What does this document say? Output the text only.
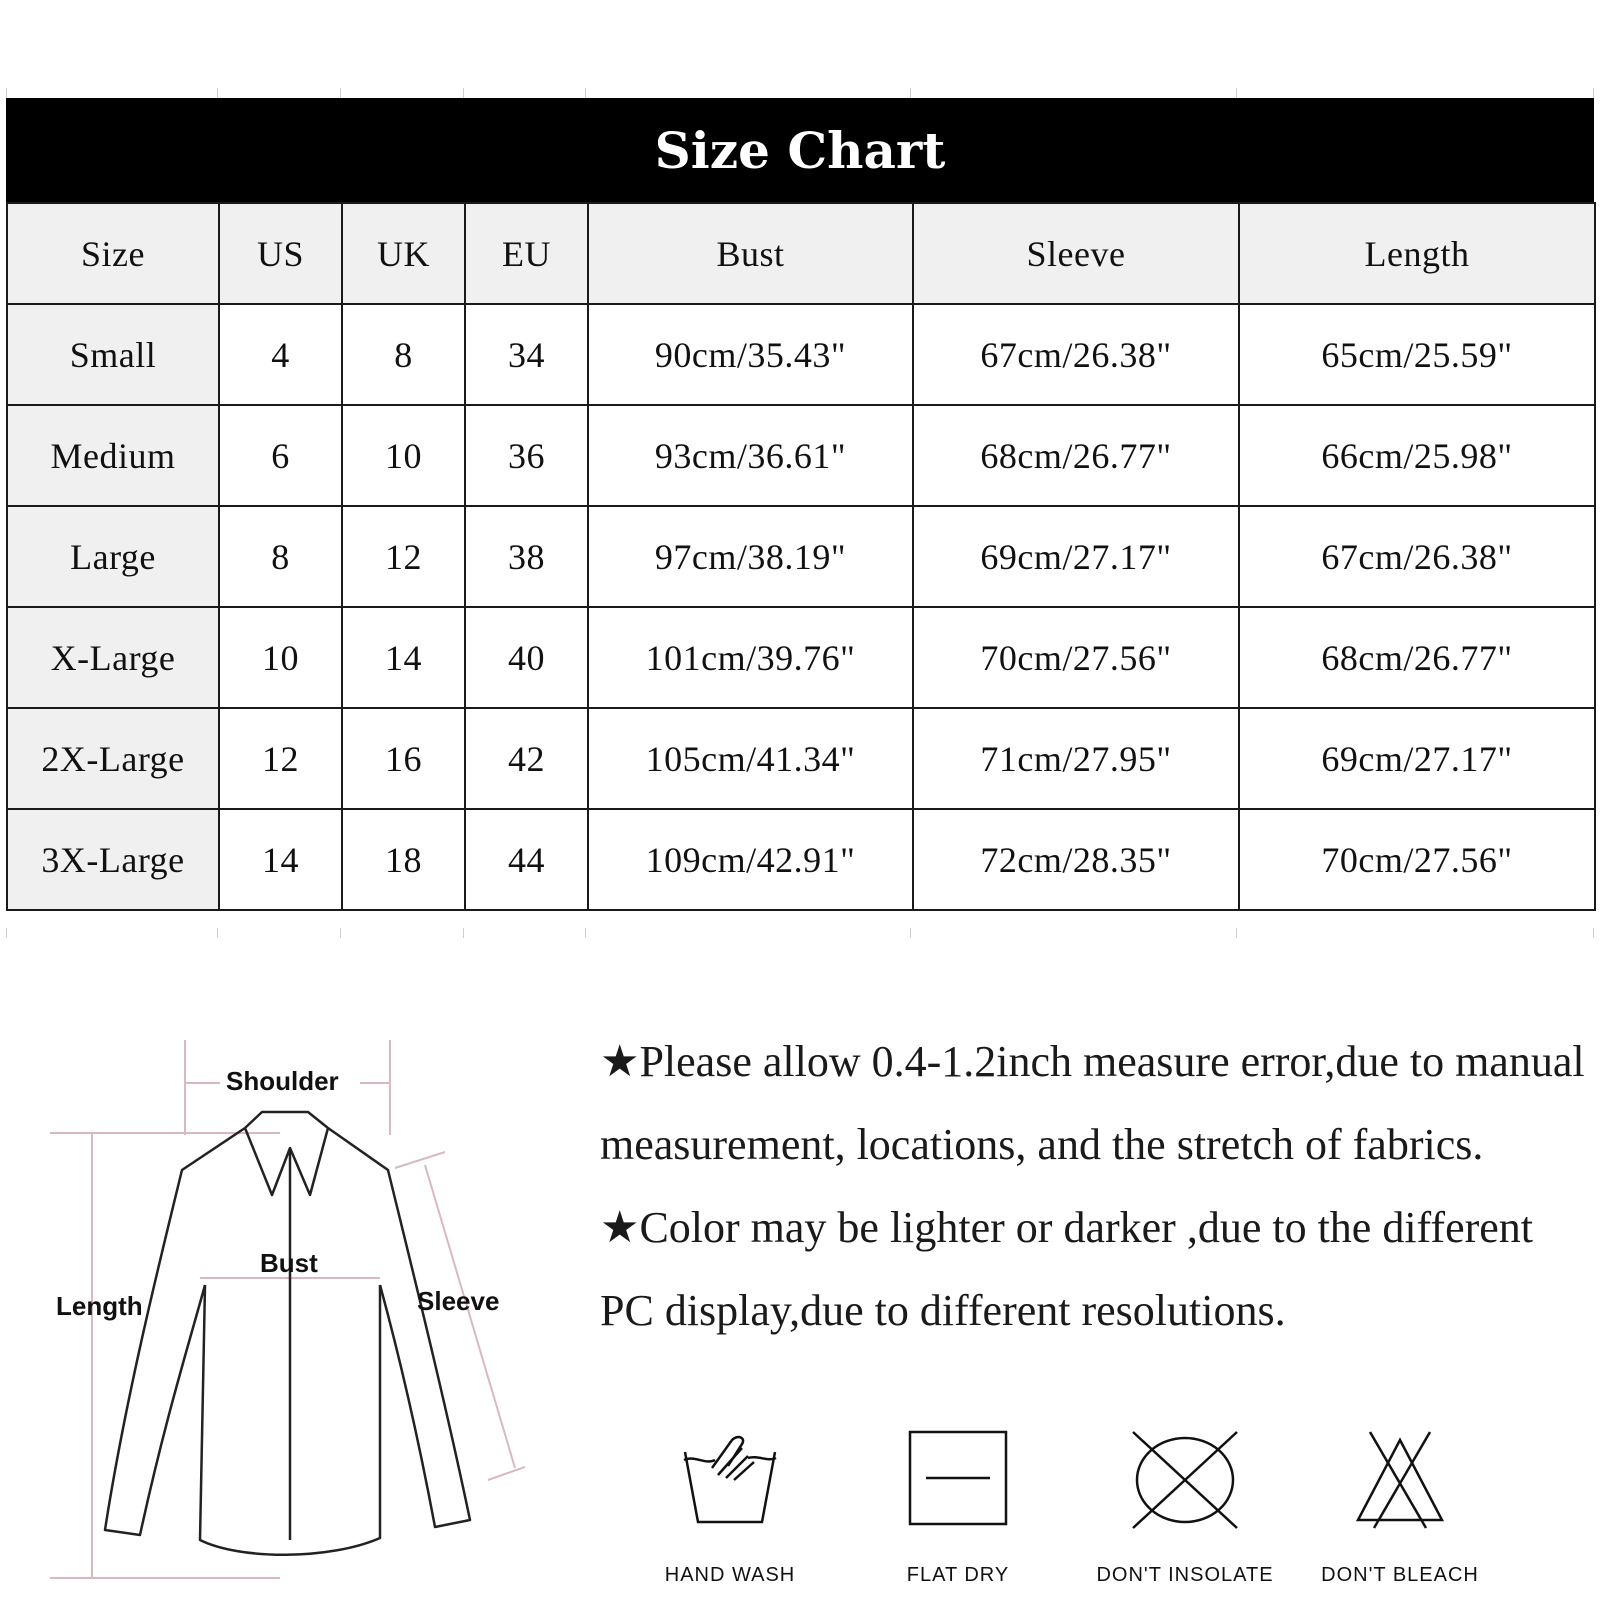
Size Chart
Size	US	UK	EU	Bust	Sleeve	Length
Small	4	8	34	90cm/35.43"	67cm/26.38"	65cm/25.59"
Medium	6	10	36	93cm/36.61"	68cm/26.77"	66cm/25.98"
Large	8	12	38	97cm/38.19"	69cm/27.17"	67cm/26.38"
X-Large	10	14	40	101cm/39.76"	70cm/27.56"	68cm/26.77"
2X-Large	12	16	42	105cm/41.34"	71cm/27.95"	69cm/27.17"
3X-Large	14	18	44	109cm/42.91"	72cm/28.35"	70cm/27.56"
Shoulder
Bust
Length	Sleeve

★Please allow 0.4-1.2inch measure error,due to manual measurement, locations, and the stretch of fabrics.

★Color may be lighter or darker ,due to the different PC display,due to different resolutions.

HAND WASH	FLAT DRY	DON'T INSOLATE	DON'T BLEACH
